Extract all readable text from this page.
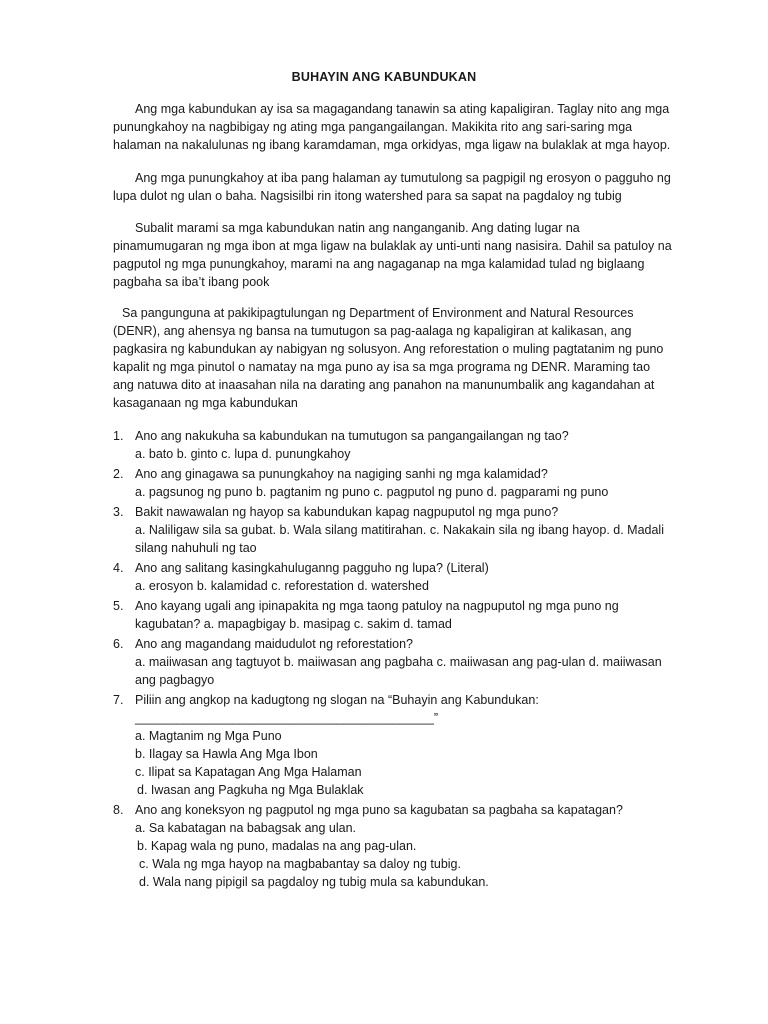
BUHAYIN ANG KABUNDUKAN

Ang mga kabundukan ay isa sa magagandang tanawin sa ating kapaligiran. Taglay nito ang mga punungkahoy na nagbibigay ng ating mga pangangailangan. Makikita rito ang sari-saring mga halaman na nakalulunas ng ibang karamdaman, mga orkidyas, mga ligaw na bulaklak at mga hayop.

Ang mga punungkahoy at iba pang halaman ay tumutulong sa pagpigil ng erosyon o pagguho ng lupa dulot ng ulan o baha. Nagsisilbi rin itong watershed para sa sapat na pagdaloy ng tubig

Subalit marami sa mga kabundukan natin ang nanganganib. Ang dating lugar na pinamumugaran ng mga ibon at mga ligaw na bulaklak ay unti-unti nang nasisira. Dahil sa patuloy na pagputol ng mga punungkahoy, marami na ang nagaganap na mga kalamidad tulad ng biglaang pagbaha sa iba’t ibang pook

Sa pangunguna at pakikipagtulungan ng Department of Environment and Natural Resources (DENR), ang ahensya ng bansa na tumutugon sa pag-aalaga ng kapaligiran at kalikasan, ang pagkasira ng kabundukan ay nabigyan ng solusyon. Ang reforestation o muling pagtatanim ng puno kapalit ng mga pinutol o namatay na mga puno ay isa sa mga programa ng DENR. Maraming tao ang natuwa dito at inaasahan nila na darating ang panahon na manunumbalik ang kagandahan at kasaganaan ng mga kabundukan

1. Ano ang nakukuha sa kabundukan na tumutugon sa pangangailangan ng tao?
a. bato b. ginto c. lupa d. punungkahoy
2. Ano ang ginagawa sa punungkahoy na nagiging sanhi ng mga kalamidad?
a. pagsunog ng puno b. pagtanim ng puno c. pagputol ng puno d. pagparami ng puno
3. Bakit nawawalan ng hayop sa kabundukan kapag nagpuputol ng mga puno?
a. Naliligaw sila sa gubat. b. Wala silang matitirahan. c. Nakakain sila ng ibang hayop. d. Madali silang nahuhuli ng tao
4. Ano ang salitang kasingkahuluganng pagguho ng lupa? (Literal)
a. erosyon b. kalamidad c. reforestation d. watershed
5. Ano kayang ugali ang ipinapakita ng mga taong patuloy na nagpuputol ng mga puno ng kagubatan? a. mapagbigay b. masipag c. sakim d. tamad
6. Ano ang magandang maidudulot ng reforestation?
a. maiiwasan ang tagtuyot b. maiiwasan ang pagbaha c. maiiwasan ang pag-ulan d. maiiwasan ang pagbagyo
7. Piliin ang angkop na kadugtong ng slogan na “Buhayin ang Kabundukan:
___________________________________________”
a. Magtanim ng Mga Puno
b. Ilagay sa Hawla Ang Mga Ibon
c. Ilipat sa Kapatagan Ang Mga Halaman
d. Iwasan ang Pagkuha ng Mga Bulaklak
8. Ano ang koneksyon ng pagputol ng mga puno sa kagubatan sa pagbaha sa kapatagan?
a. Sa kabatagan na babagsak ang ulan.
b. Kapag wala ng puno, madalas na ang pag-ulan.
c. Wala ng mga hayop na magbabantay sa daloy ng tubig.
d. Wala nang pipigil sa pagdaloy ng tubig mula sa kabundukan.
